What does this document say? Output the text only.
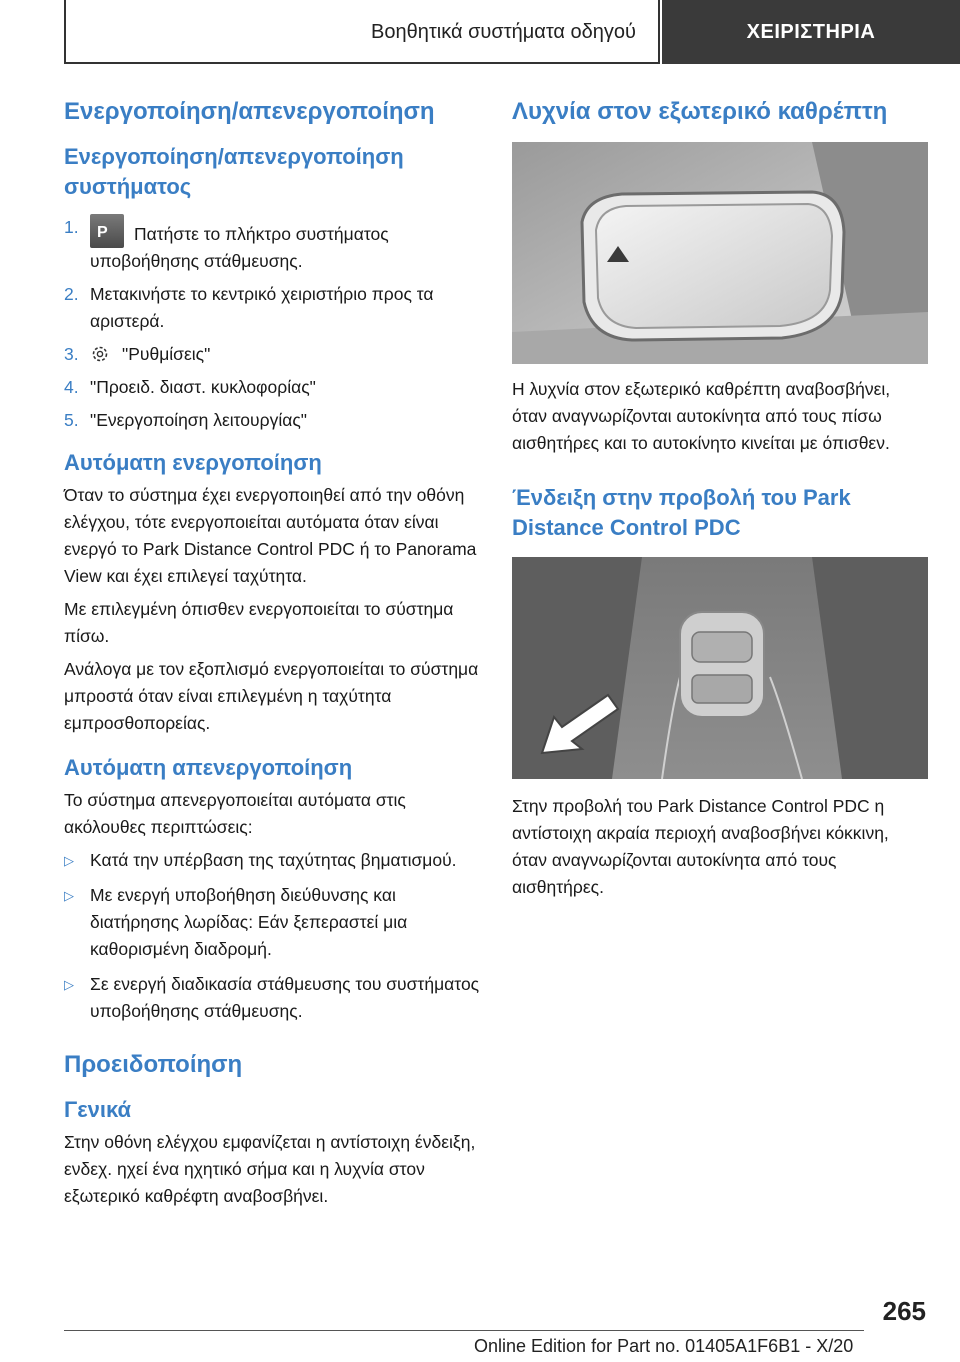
Βοηθητικά συστήματα οδηγού	ΧΕΙΡΙΣΤΗΡΙΑ
Ενεργοποίηση/απενεργοποίηση
Ενεργοποίηση/απενεργοποίηση συστήματος
1.	P Πατήστε το πλήκτρο συστήματος υποβοήθησης στάθμευσης.
2. Μετακινήστε το κεντρικό χειριστήριο προς τα αριστερά.
3.	"Ρυθμίσεις"
4. "Προειδ. διαστ. κυκλοφορίας"
5. "Ενεργοποίηση λειτουργίας"
Αυτόματη ενεργοποίηση

Όταν το σύστημα έχει ενεργοποιηθεί από την οθόνη ελέγχου, τότε ενεργοποιείται αυτόματα όταν είναι ενεργό το Park Distance Control PDC ή το Panorama View και έχει επιλεγεί ταχύτητα.

Με επιλεγμένη όπισθεν ενεργοποιείται το σύστημα πίσω.

Ανάλογα με τον εξοπλισμό ενεργοποιείται το σύστημα μπροστά όταν είναι επιλεγμένη η ταχύτητα εμπροσθοπορείας.

Αυτόματη απενεργοποίηση

Το σύστημα απενεργοποιείται αυτόματα στις ακόλουθες περιπτώσεις:

▷ Κατά την υπέρβαση της ταχύτητας βηματισμού.
▷ Με ενεργή υποβοήθηση διεύθυνσης και διατήρησης λωρίδας: Εάν ξεπεραστεί μια καθορισμένη διαδρομή.
▷ Σε ενεργή διαδικασία στάθμευσης του συστήματος υποβοήθησης στάθμευσης.
Προειδοποίηση
Γενικά

Στην οθόνη ελέγχου εμφανίζεται η αντίστοιχη ένδειξη, ενδεχ. ηχεί ένα ηχητικό σήμα και η λυχνία στον εξωτερικό καθρέφτη αναβοσβήνει.

Λυχνία στον εξωτερικό καθρέπτη

Η λυχνία στον εξωτερικό καθρέπτη αναβοσβήνει, όταν αναγνωρίζονται αυτοκίνητα από τους πίσω αισθητήρες και το αυτοκίνητο κινείται με όπισθεν.

Ένδειξη στην προβολή του Park Distance Control PDC

Στην προβολή του Park Distance Control PDC η αντίστοιχη ακραία περιοχή αναβοσβήνει κόκκινη, όταν αναγνωρίζονται αυτοκίνητα από τους αισθητήρες.

265
Online Edition for Part no. 01405A1F6B1 - X/20
